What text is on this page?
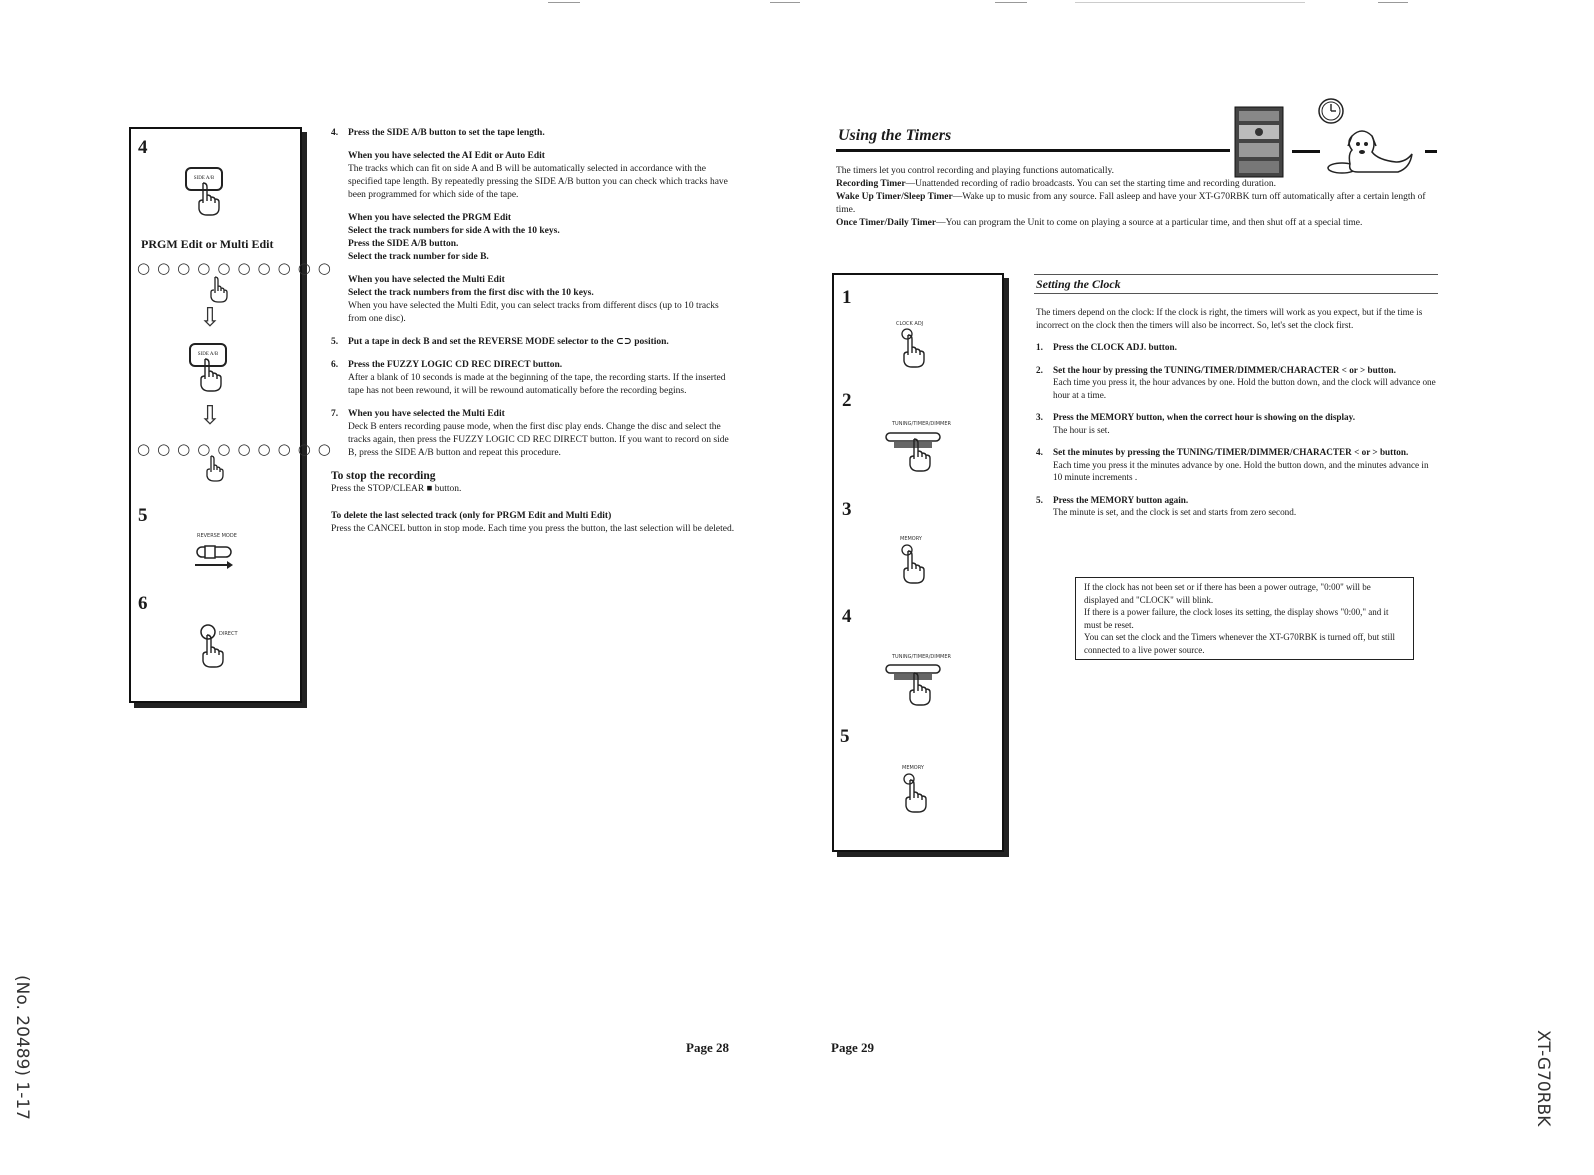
4
SIDE A/B
PRGM Edit or Multi Edit
○○○○○○○○○○
⇩
SIDE A/B
⇩
○○○○○○○○○○
5
REVERSE MODE
6
DIRECT
4.	Press the SIDE A/B button to set the tape length.

When you have selected the AI Edit or Auto Edit

The tracks which can fit on side A and B will be automatically selected in accordance with the specified tape length. By repeatedly pressing the SIDE A/B button you can check which tracks have been programmed for which side of the tape.

When you have selected the PRGM Edit

Select the track numbers for side A with the 10 keys.

Press the SIDE A/B button.

Select the track number for side B.

When you have selected the Multi Edit

Select the track numbers from the first disc with the 10 keys.

When you have selected the Multi Edit, you can select tracks from different discs (up to 10 tracks from one disc).

5.	Put a tape in deck B and set the REVERSE MODE selector to the ⊂⊃ position.

6.	Press the FUZZY LOGIC CD REC DIRECT button.

After a blank of 10 seconds is made at the beginning of the tape, the recording starts. If the inserted tape has not been rewound, it will be rewound automatically before the recording begins.

7.	When you have selected the Multi Edit

Deck B enters recording pause mode, when the first disc play ends. Change the disc and select the tracks again, then press the FUZZY LOGIC CD REC DIRECT button. If you want to record on side B, press the SIDE A/B button and repeat this procedure.

To stop the recording

Press the STOP/CLEAR ■ button.

To delete the last selected track (only for PRGM Edit and Multi Edit)

Press the CANCEL button in stop mode. Each time you press the button, the last selection will be deleted.

Using the Timers
The timers let you control recording and playing functions automatically.
Recording Timer—Unattended recording of radio broadcasts. You can set the starting time and recording duration.
Wake Up Timer/Sleep Timer—Wake up to music from any source. Fall asleep and have your XT-G70RBK turn off automatically after a certain length of time.
Once Timer/Daily Timer—You can program the Unit to come on playing a source at a particular time, and then shut off at a special time.
1
CLOCK ADJ
2
TUNING/TIMER/DIMMER
3
MEMORY
4
TUNING/TIMER/DIMMER
5
MEMORY
Setting the Clock

The timers depend on the clock: If the clock is right, the timers will work as you expect, but if the time is incorrect on the clock then the timers will also be incorrect. So, let's set the clock first.

1.	Press the CLOCK ADJ. button.

2.	Set the hour by pressing the TUNING/TIMER/DIMMER/CHARACTER < or > button.

Each time you press it, the hour advances by one. Hold the button down, and the clock will advance one hour at a time.

3.	Press the MEMORY button, when the correct hour is showing on the display.

The hour is set.

4.	Set the minutes by pressing the TUNING/TIMER/DIMMER/CHARACTER < or > button.

Each time you press it the minutes advance by one. Hold the button down, and the minutes advance in 10 minute increments .

5.	Press the MEMORY button again.

The minute is set, and the clock is set and starts from zero second.

If the clock has not been set or if there has been a power outrage, "0:00" will be displayed and "CLOCK" will blink.

If there is a power failure, the clock loses its setting, the display shows "0:00," and it must be reset.

You can set the clock and the Timers whenever the XT-G70RBK is turned off, but still connected to a live power source.

Page 28	Page 29
(No. 20489) 1-17	XT-G70RBK
